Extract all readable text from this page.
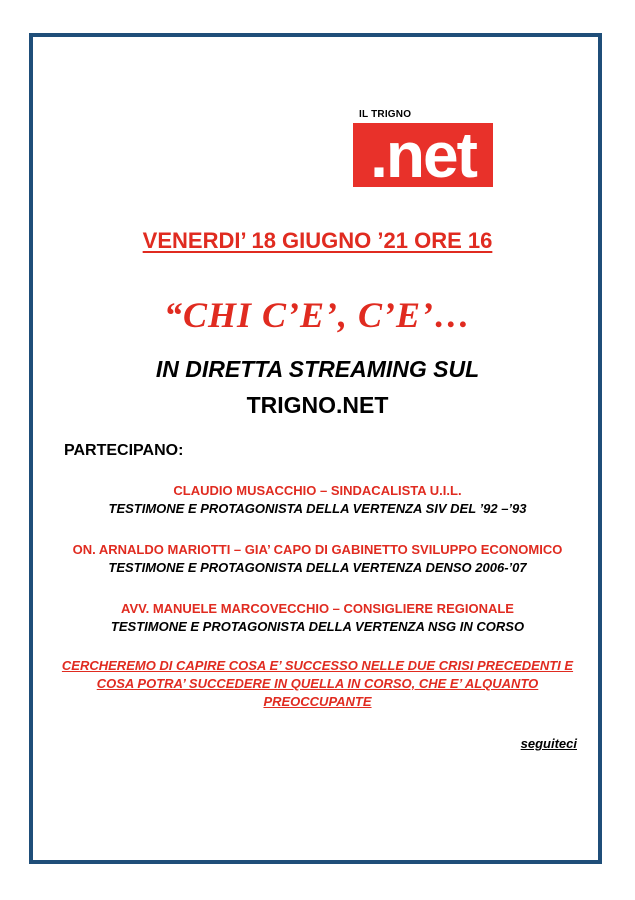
IL TRIGNO
.net
VENERDI’ 18 GIUGNO ’21 ORE 16
“CHI C’E’, C’E’…
IN DIRETTA STREAMING SUL
TRIGNO.NET
PARTECIPANO:
CLAUDIO MUSACCHIO – SINDACALISTA U.I.L.
TESTIMONE E PROTAGONISTA DELLA VERTENZA SIV DEL ’92 –’93
ON. ARNALDO MARIOTTI – GIA’ CAPO DI GABINETTO SVILUPPO ECONOMICO
TESTIMONE E PROTAGONISTA DELLA VERTENZA DENSO 2006-’07
AVV. MANUELE MARCOVECCHIO – CONSIGLIERE REGIONALE
TESTIMONE E PROTAGONISTA DELLA VERTENZA NSG IN CORSO
CERCHEREMO DI CAPIRE COSA E’ SUCCESSO NELLE DUE CRISI PRECEDENTI E
COSA POTRA’ SUCCEDERE IN QUELLA IN CORSO, CHE E’ ALQUANTO
PREOCCUPANTE
seguiteci
